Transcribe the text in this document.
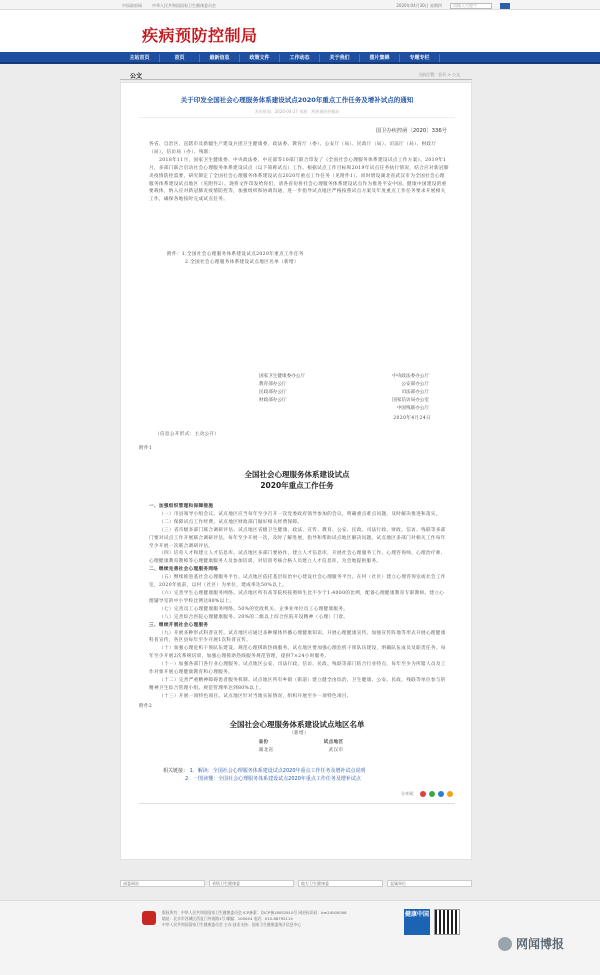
中国政府网	中华人民共和国国家卫生健康委员会	2020年04月30日 星期四	请输入关键字
疾病预防控制局
主站首页	首页	最新信息	政策文件	工作动态	关于我们	图片集锦	专题专栏
公文	当前位置：首页 > 公文
关于印发全国社会心理服务体系建设试点2020年重点工作任务及增补试点的通知
发布时间：2020-04-27 来源：疾病预防控制局
国卫办疾控函〔2020〕336号

各省、自治区、直辖市及新疆生产建设兵团卫生健康委、政法委、教育厅（委）、公安厅（局）、民政厅（局）、司法厅（局）、财政厅（局）、信访局（办）、残联：

2018年11月，国家卫生健康委、中央政法委、中宣部等10部门联合印发了《全国社会心理服务体系建设试点工作方案》。2019年1月，多部门联合启动社会心理服务体系建设试点（以下简称试点）工作。根据试点工作目标和2019年试点任务执行情况，结合应对新冠肺炎疫情防控需要，研究制定了全国社会心理服务体系建设试点2020年重点工作任务（见附件1），同时增设湖北省武汉市为全国社会心理服务体系建设试点地区（见附件2）。现将文件印发给你们，请各省份将社会心理服务体系建设试点作为推进平安中国、健康中国建设的重要载体，纳入应对新冠肺炎疫情防控等，加强组织和协调沟通，进一步指导试点地区严格按照试点方案及年度重点工作任务要求开展相关工作，确保各地按时完成试点任务。

附件：1.全国社会心理服务体系建设试点2020年重点工作任务

2.全国社会心理服务体系建设试点地区名单（新增）

国家卫生健康委办公厅	中央政法委办公厅
教育部办公厅	公安部办公厅
民政部办公厅	司法部办公厅
财政部办公厅	国家信访局办公室
中国残联办公厅
2020年4月24日
（信息公开形式：主动公开）
附件1
全国社会心理服务体系建设试点
2020年重点工作任务

一、加强组织管理和保障措施

（一）市县领导小组会议。试点地区应当每年至少召开一次党委政府领导参加的会议，明确重点难点问题，及时解决推进和落实。

（二）保障试点工作经费。试点地区财政部门做好相关经费保障。

（三）省市级多部门联合调研评估。试点地区省级卫生健康、政法、宣传、教育、公安、民政、司法行政、财政、信访、残联等多部门要对试点工作开展联合调研评估，每年至少开展一次，及时了解进展，指导和帮助试点地区解决问题。试点地区多部门对相关工作每年至少开展一次联合调研评估。

（四）培育人才和建立人才信息库。试点地区多部门要协作，建立人才信息库，开展社会心理服务工作。心理咨询师、心理治疗师、心理健康教育教师等心理健康服务人员参加培训，对培训考核合格人员建立人才信息库，为会地提供服务。

二、继续完善社会心理服务网络

（五）继续推进基社会心理服务平台。试点地区依托基层综治中心建设社会心理服务平台。在村（社区）建立心理咨询室或社会工作室，2020年底前，以村（社区）为单位，建成率达50%以上。

（六）完善学生心理健康服务网络。试点地区所有高等院校按照师生比不少于1:4000的比例，配备心理健康教育专职教师。建立心理辅导室的中小学校比例达80%以上。

（七）完善员工心理健康服务网络。50%的党政机关、企事业单位员工心理健康服务。

（八）完善综合医院心理健康服务。20%的二级以上综合医院开设精神（心理）门诊。

三、继续开展社会心理服务

（九）开展多种形式科普宣传。试点地区应通过多种媒体传播心理健康知识，开展心理健康宣传。加强宣传阵地等形式开展心理健康科普宣传，各区县每年至少开展1次科普宣传。

（十）加强心理危机干预队伍建设。规范心理援助热线服务。试点地区要加强心理危机干预队伍建设，明确队伍成员及职责任务。每年至少开展2次系统培训，加强心理援助热线服务规范管理，提供7×24小时服务。

（十一）加强各部门各行业心理服务。试点地区公安、司法行政、信访、民政、残联等部门结合行业特点，每年至少为所辖人员及工作对象开展心理健康教育和心理服务。

（十二）完善严重精神障碍患者服务机制。试点地区所有乡镇（街道）建立健全由综治、卫生健康、公安、民政、残联等单位参与的精神卫生综合管理小组。规范管理率达到80%以上。

（十三）开展一项特色项目。试点地区针对当地实际情况，组织开展至少一项特色项目。

附件2
全国社会心理服务体系建设试点地区名单
（新增）
省份	试点地区
湖北省	武汉市
相关链接： 1．解读：全国社会心理服务体系建设试点2020年重点工作任务及增补试点说明
2．一图读懂：全国社会心理服务体系建设试点2020年重点工作任务及增补试点
分享到：
部委网站	省级卫生健康委	地方卫生健康委	直属单位
版权所有：中华人民共和国国家卫生健康委员会 ICP备案：京ICP备18052910号 网站标识码：bm24000006
地址：北京市西城区西直门外南路1号 邮编：100044 电话：010-68792114
中华人民共和国国家卫生健康委员会 主办 技术支持：国家卫生健康委统计信息中心
健康中国
网闻博报
